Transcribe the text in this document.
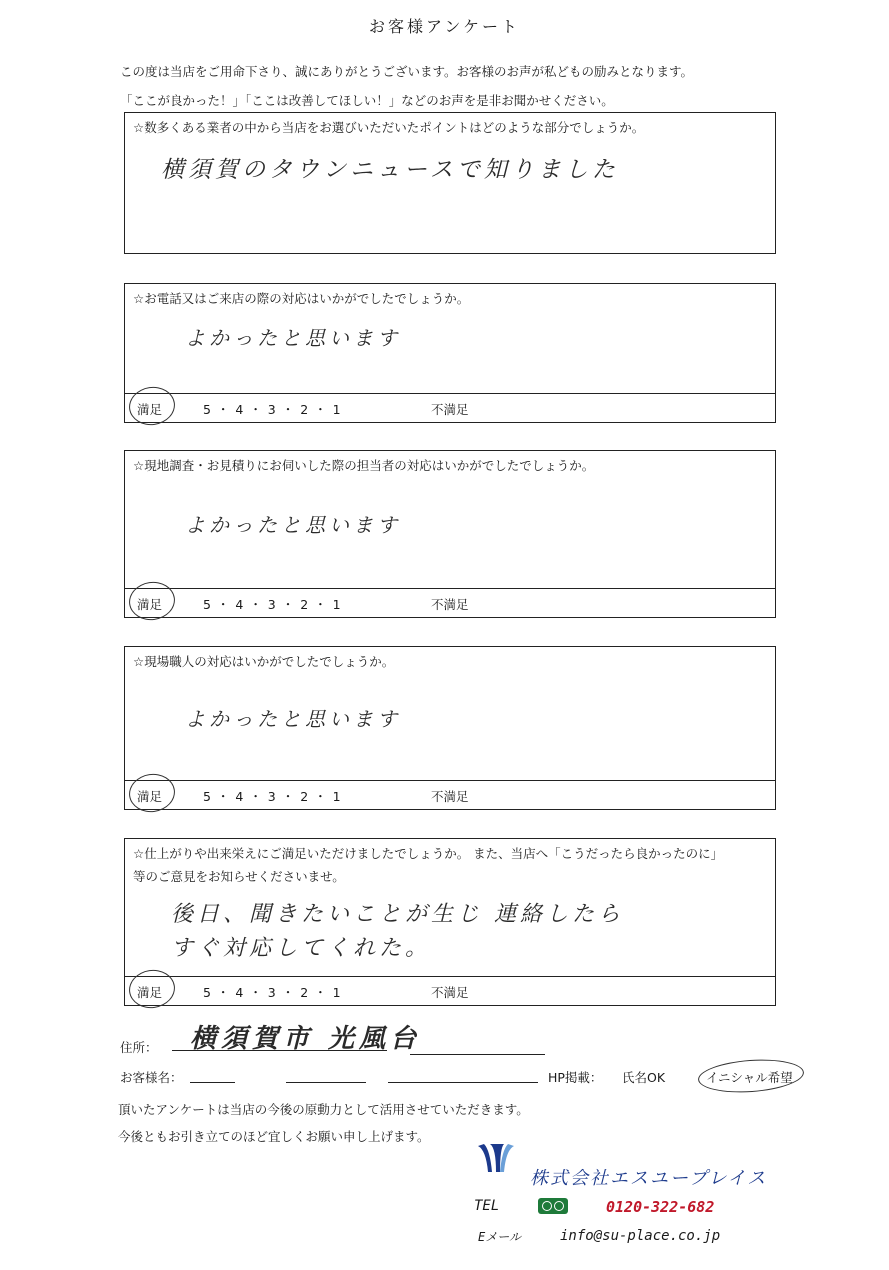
お客様アンケート
この度は当店をご用命下さり、誠にありがとうございます。お客様のお声が私どもの励みとなります。
「ここが良かった！」「ここは改善してほしい！」などのお声を是非お聞かせください。
☆数多くある業者の中から当店をお選びいただいたポイントはどのような部分でしょうか。
横須賀のタウンニュースで知りました
☆お電話又はご来店の際の対応はいかがでしたでしょうか。
よかったと思います
満足	5 ・ 4 ・ 3 ・ 2 ・ 1	不満足
☆現地調査・お見積りにお伺いした際の担当者の対応はいかがでしたでしょうか。
よかったと思います
満足	5 ・ 4 ・ 3 ・ 2 ・ 1	不満足
☆現場職人の対応はいかがでしたでしょうか。
よかったと思います
満足	5 ・ 4 ・ 3 ・ 2 ・ 1	不満足
☆仕上がりや出来栄えにご満足いただけましたでしょうか。 また、当店へ「こうだったら良かったのに」
等のご意見をお知らせくださいませ。
後日、聞きたいことが生じ 連絡したら
すぐ対応してくれた。
満足	5 ・ 4 ・ 3 ・ 2 ・ 1	不満足
住所： 横須賀市 光風台
お客様名：	HP掲載： 氏名OK	イニシャル希望
頂いたアンケートは当店の今後の原動力として活用させていただきます。
今後ともお引き立てのほど宜しくお願い申し上げます。
株式会社エスユープレイス
TEL	0120-322-682
Eメール	info@su-place.co.jp
